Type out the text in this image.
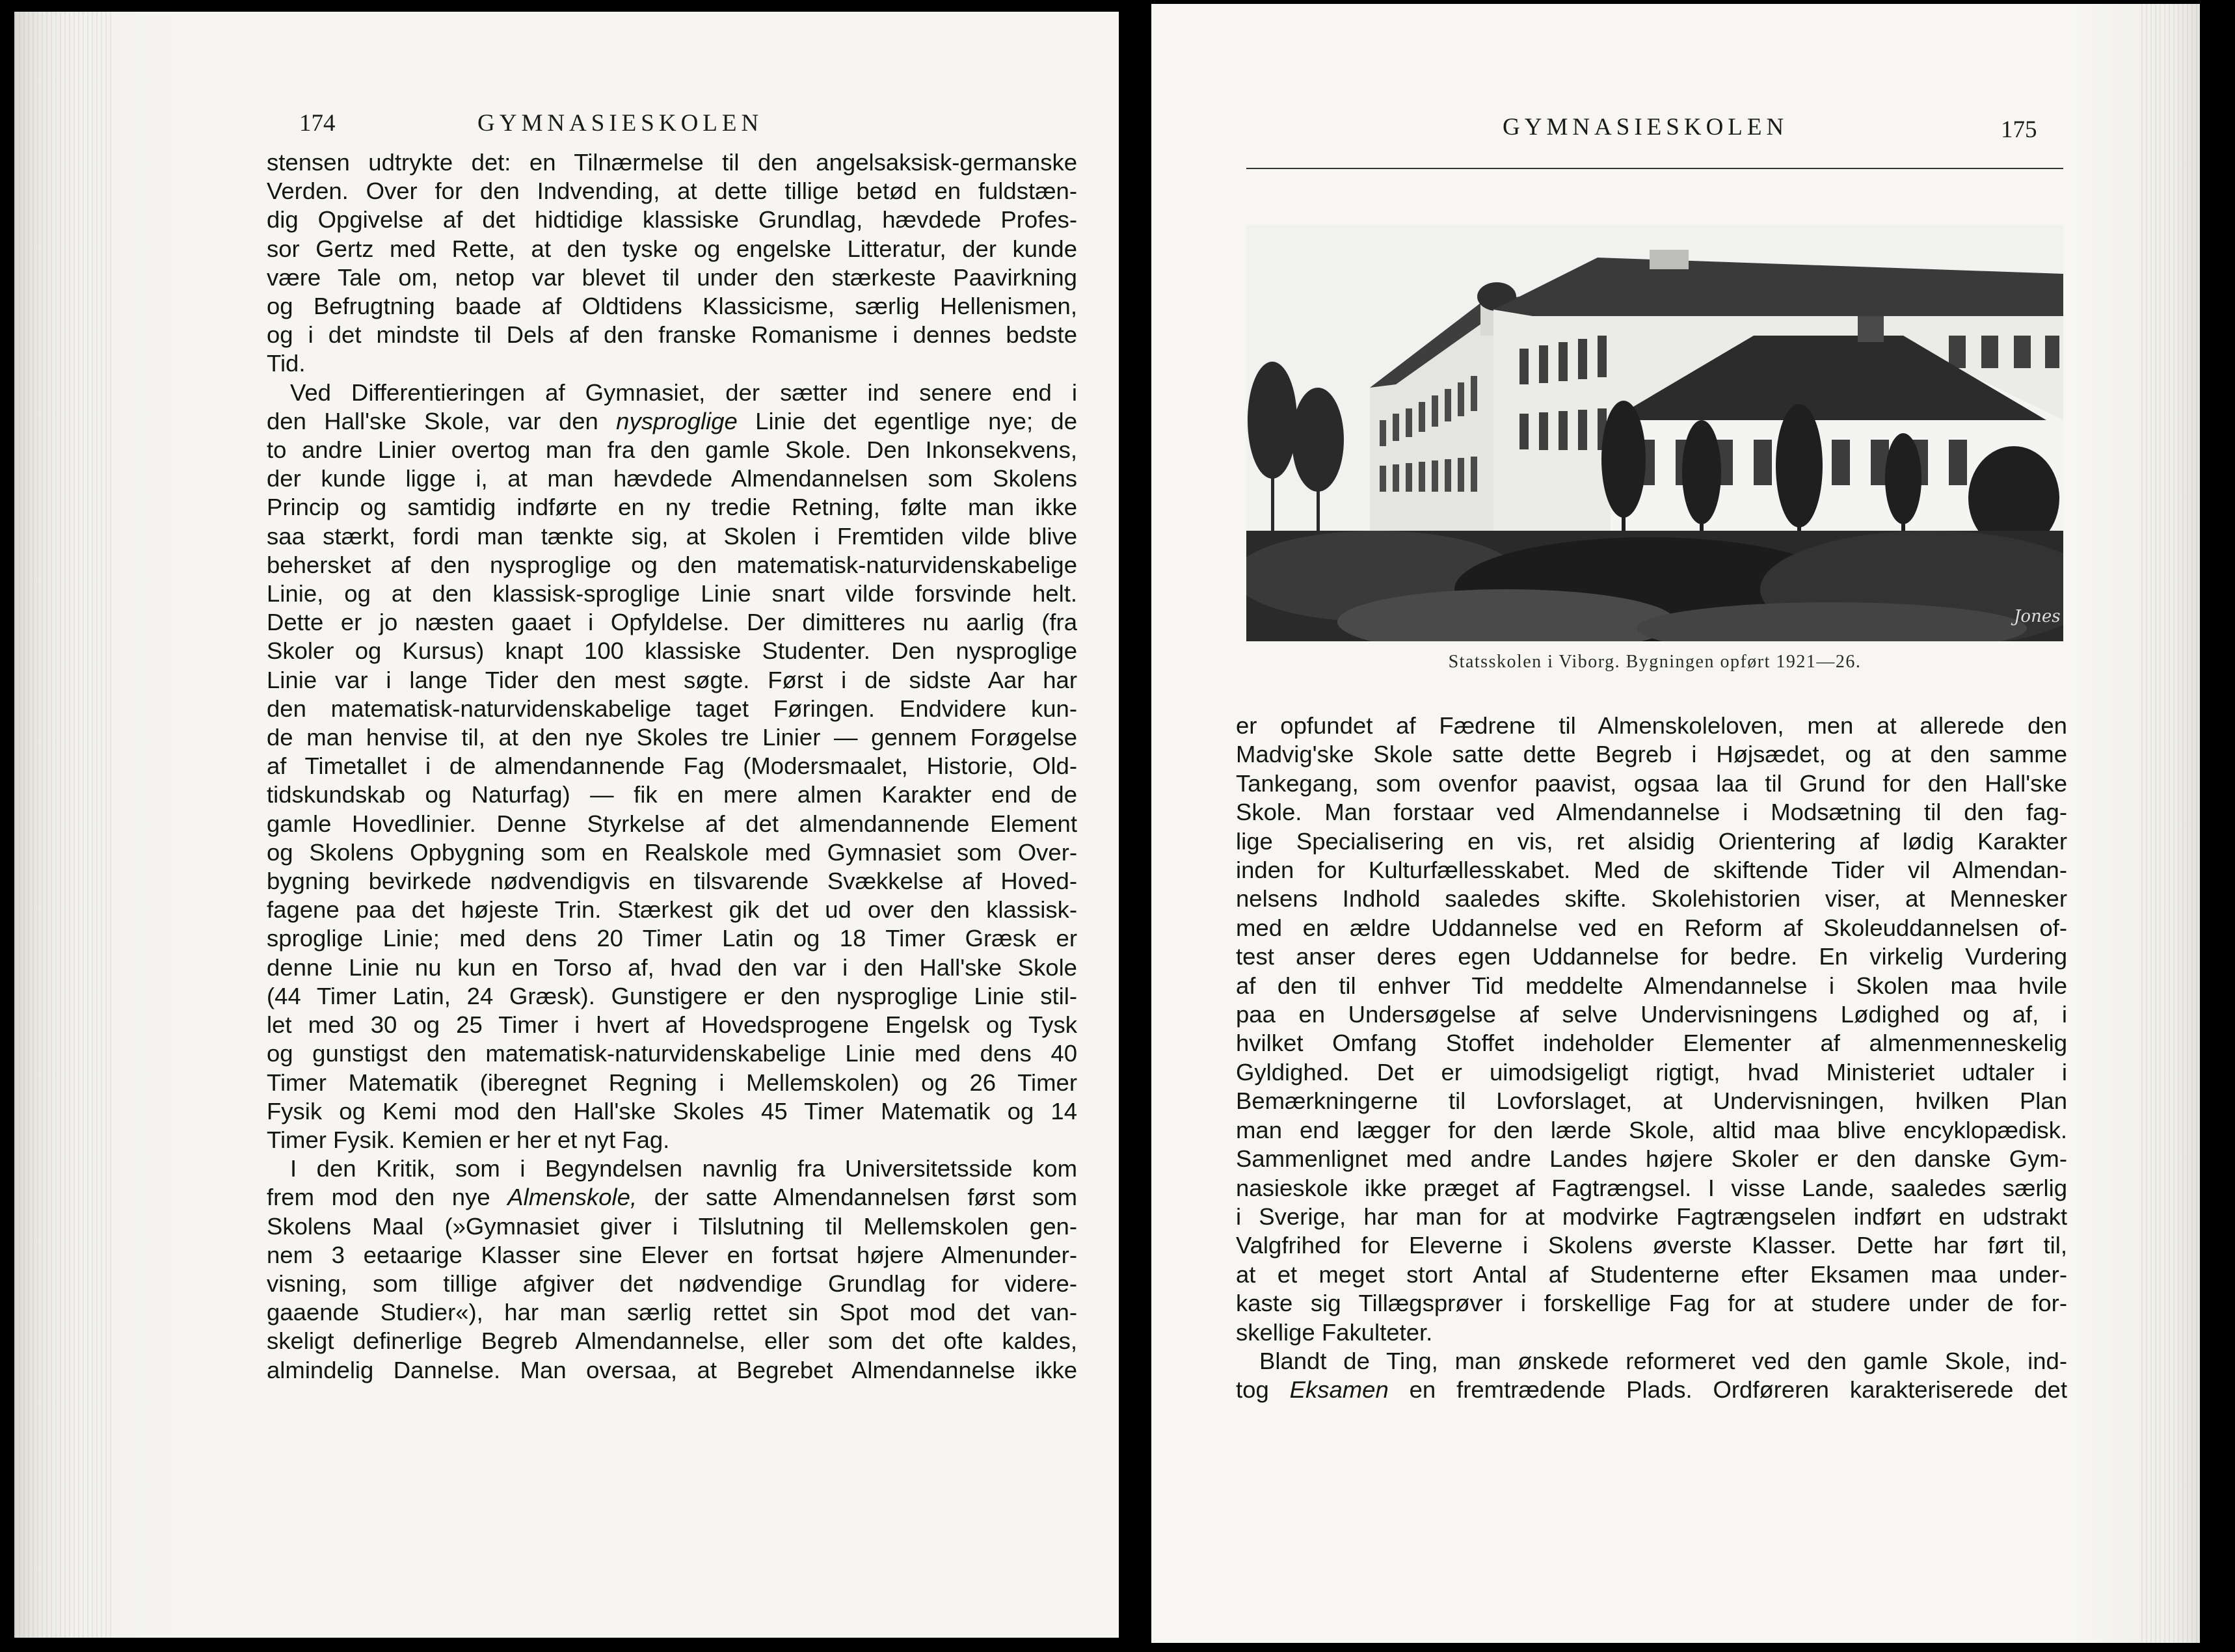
174	GYMNASIESKOLEN
stensen udtrykte det: en Tilnærmelse til den angelsaksisk-germanske
Verden. Over for den Indvending, at dette tillige betød en fuldstæn-
dig Opgivelse af det hidtidige klassiske Grundlag, hævdede Profes-
sor Gertz med Rette, at den tyske og engelske Litteratur, der kunde
være Tale om, netop var blevet til under den stærkeste Paavirkning
og Befrugtning baade af Oldtidens Klassicisme, særlig Hellenismen,
og i det mindste til Dels af den franske Romanisme i dennes bedste
Tid.
Ved Differentieringen af Gymnasiet, der sætter ind senere end i
den Hall'ske Skole, var den nysproglige Linie det egentlige nye; de
to andre Linier overtog man fra den gamle Skole. Den Inkonsekvens,
der kunde ligge i, at man hævdede Almendannelsen som Skolens
Princip og samtidig indførte en ny tredie Retning, følte man ikke
saa stærkt, fordi man tænkte sig, at Skolen i Fremtiden vilde blive
behersket af den nysproglige og den matematisk-naturvidenskabelige
Linie, og at den klassisk-sproglige Linie snart vilde forsvinde helt.
Dette er jo næsten gaaet i Opfyldelse. Der dimitteres nu aarlig (fra
Skoler og Kursus) knapt 100 klassiske Studenter. Den nysproglige
Linie var i lange Tider den mest søgte. Først i de sidste Aar har
den matematisk-naturvidenskabelige taget Føringen. Endvidere kun-
de man henvise til, at den nye Skoles tre Linier — gennem Forøgelse
af Timetallet i de almendannende Fag (Modersmaalet, Historie, Old-
tidskundskab og Naturfag) — fik en mere almen Karakter end de
gamle Hovedlinier. Denne Styrkelse af det almendannende Element
og Skolens Opbygning som en Realskole med Gymnasiet som Over-
bygning bevirkede nødvendigvis en tilsvarende Svækkelse af Hoved-
fagene paa det højeste Trin. Stærkest gik det ud over den klassisk-
sproglige Linie; med dens 20 Timer Latin og 18 Timer Græsk er
denne Linie nu kun en Torso af, hvad den var i den Hall'ske Skole
(44 Timer Latin, 24 Græsk). Gunstigere er den nysproglige Linie stil-
let med 30 og 25 Timer i hvert af Hovedsprogene Engelsk og Tysk
og gunstigst den matematisk-naturvidenskabelige Linie med dens 40
Timer Matematik (iberegnet Regning i Mellemskolen) og 26 Timer
Fysik og Kemi mod den Hall'ske Skoles 45 Timer Matematik og 14
Timer Fysik. Kemien er her et nyt Fag.
I den Kritik, som i Begyndelsen navnlig fra Universitetsside kom
frem mod den nye Almenskole, der satte Almendannelsen først som
Skolens Maal (»Gymnasiet giver i Tilslutning til Mellemskolen gen-
nem 3 eetaarige Klasser sine Elever en fortsat højere Almenunder-
visning, som tillige afgiver det nødvendige Grundlag for videre-
gaaende Studier«), har man særlig rettet sin Spot mod det van-
skeligt definerlige Begreb Almendannelse, eller som det ofte kaldes,
almindelig Dannelse. Man oversaa, at Begrebet Almendannelse ikke
GYMNASIESKOLEN	175
Jones
Statsskolen i Viborg. Bygningen opført 1921—26.
er opfundet af Fædrene til Almenskoleloven, men at allerede den
Madvig'ske Skole satte dette Begreb i Højsædet, og at den samme
Tankegang, som ovenfor paavist, ogsaa laa til Grund for den Hall'ske
Skole. Man forstaar ved Almendannelse i Modsætning til den fag-
lige Specialisering en vis, ret alsidig Orientering af lødig Karakter
inden for Kulturfællesskabet. Med de skiftende Tider vil Almendan-
nelsens Indhold saaledes skifte. Skolehistorien viser, at Mennesker
med en ældre Uddannelse ved en Reform af Skoleuddannelsen of-
test anser deres egen Uddannelse for bedre. En virkelig Vurdering
af den til enhver Tid meddelte Almendannelse i Skolen maa hvile
paa en Undersøgelse af selve Undervisningens Lødighed og af, i
hvilket Omfang Stoffet indeholder Elementer af almenmenneskelig
Gyldighed. Det er uimodsigeligt rigtigt, hvad Ministeriet udtaler i
Bemærkningerne til Lovforslaget, at Undervisningen, hvilken Plan
man end lægger for den lærde Skole, altid maa blive encyklopædisk.
Sammenlignet med andre Landes højere Skoler er den danske Gym-
nasieskole ikke præget af Fagtrængsel. I visse Lande, saaledes særlig
i Sverige, har man for at modvirke Fagtrængselen indført en udstrakt
Valgfrihed for Eleverne i Skolens øverste Klasser. Dette har ført til,
at et meget stort Antal af Studenterne efter Eksamen maa under-
kaste sig Tillægsprøver i forskellige Fag for at studere under de for-
skellige Fakulteter.
Blandt de Ting, man ønskede reformeret ved den gamle Skole, ind-
tog Eksamen en fremtrædende Plads. Ordføreren karakteriserede det
